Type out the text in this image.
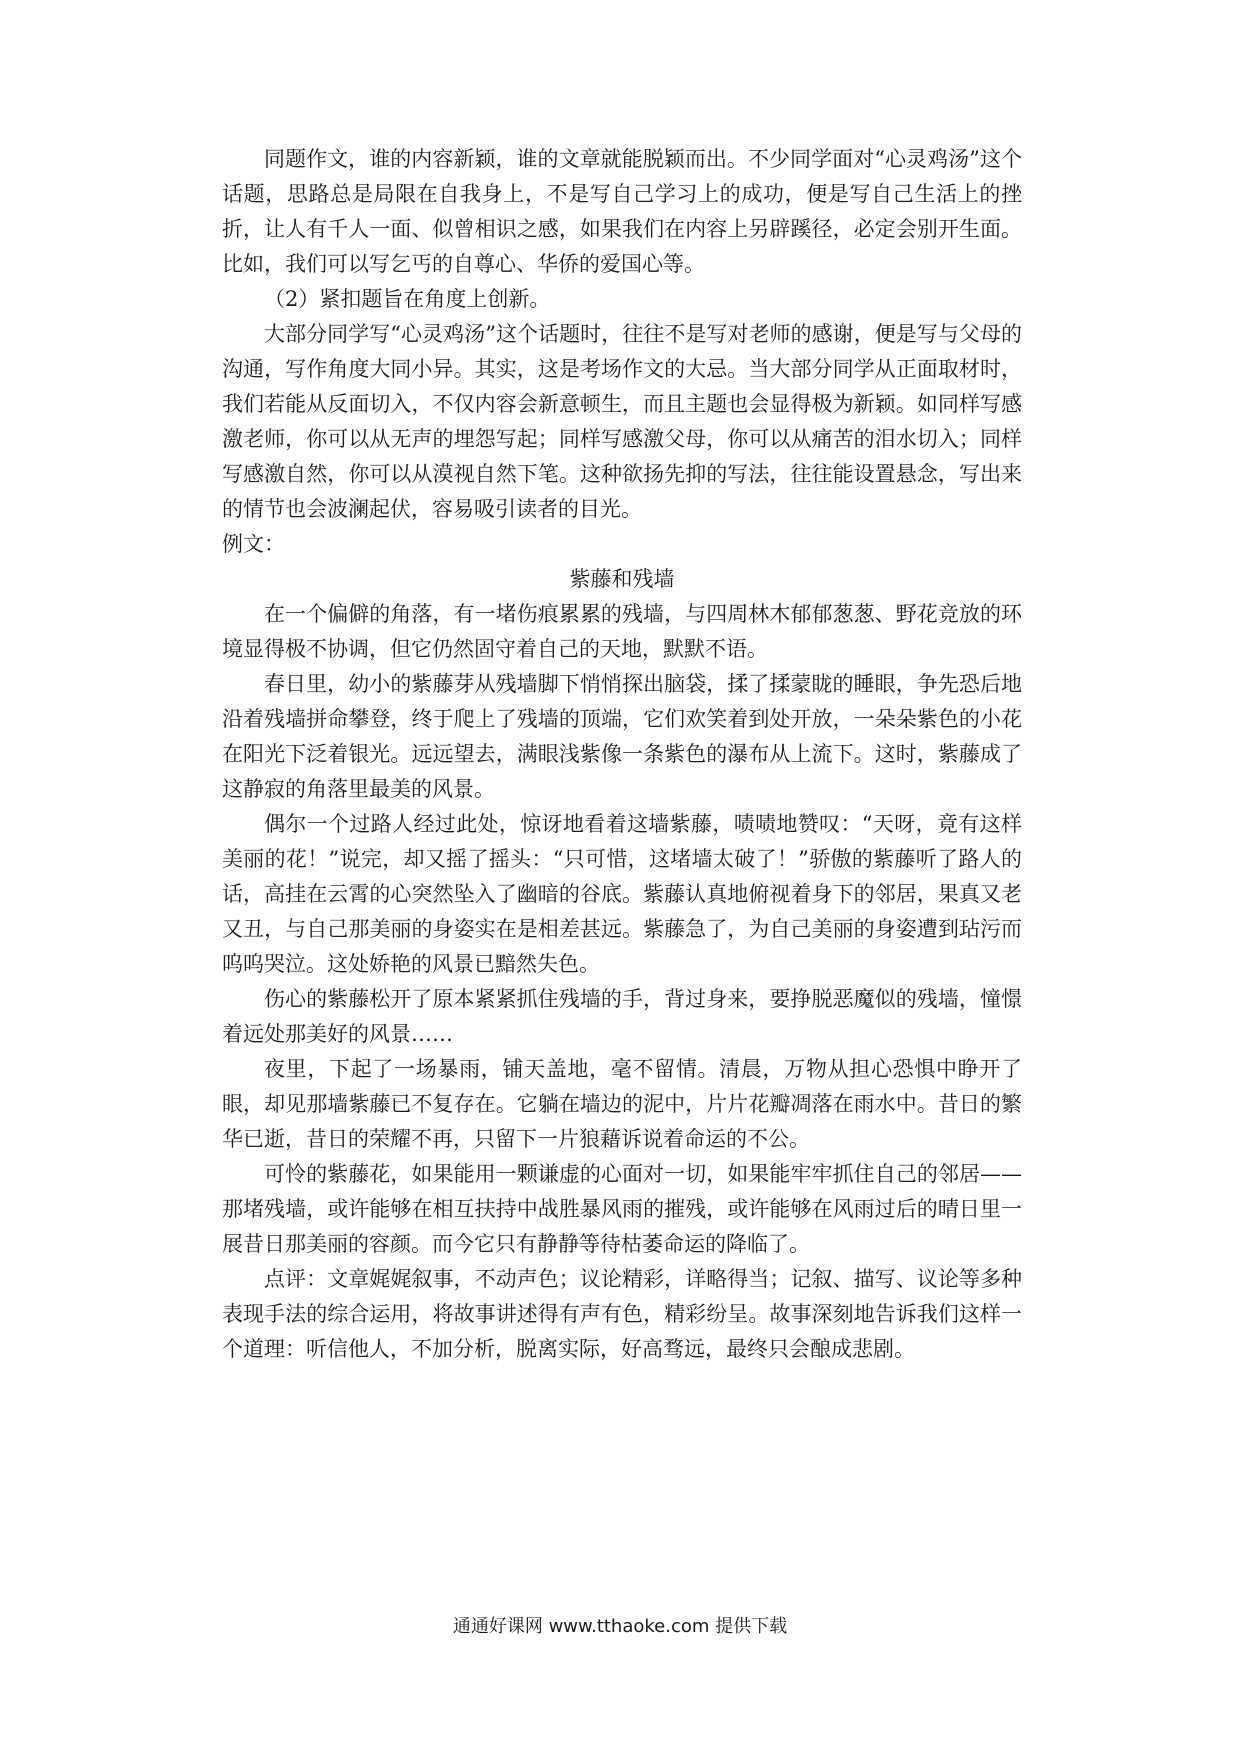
同题作文，谁的内容新颖，谁的文章就能脱颖而出。不少同学面对“心灵鸡汤”这个话题，思路总是局限在自我身上，不是写自己学习上的成功，便是写自己生活上的挫折，让人有千人一面、似曾相识之感，如果我们在内容上另辟蹊径，必定会别开生面。比如，我们可以写乞丐的自尊心、华侨的爱国心等。

（2）紧扣题旨在角度上创新。

大部分同学写“心灵鸡汤”这个话题时，往往不是写对老师的感谢，便是写与父母的沟通，写作角度大同小异。其实，这是考场作文的大忌。当大部分同学从正面取材时，我们若能从反面切入，不仅内容会新意顿生，而且主题也会显得极为新颖。如同样写感激老师，你可以从无声的埋怨写起；同样写感激父母，你可以从痛苦的泪水切入；同样写感激自然，你可以从漠视自然下笔。这种欲扬先抑的写法，往往能设置悬念，写出来的情节也会波澜起伏，容易吸引读者的目光。

例文：

紫藤和残墙

在一个偏僻的角落，有一堵伤痕累累的残墙，与四周林木郁郁葱葱、野花竞放的环境显得极不协调，但它仍然固守着自己的天地，默默不语。

春日里，幼小的紫藤芽从残墙脚下悄悄探出脑袋，揉了揉蒙眬的睡眼，争先恐后地沿着残墙拼命攀登，终于爬上了残墙的顶端，它们欢笑着到处开放，一朵朵紫色的小花在阳光下泛着银光。远远望去，满眼浅紫像一条紫色的瀑布从上流下。这时，紫藤成了这静寂的角落里最美的风景。

偶尔一个过路人经过此处，惊讶地看着这墙紫藤，啧啧地赞叹：“天呀，竟有这样美丽的花！”说完，却又摇了摇头：“只可惜，这堵墙太破了！”骄傲的紫藤听了路人的话，高挂在云霄的心突然坠入了幽暗的谷底。紫藤认真地俯视着身下的邻居，果真又老又丑，与自己那美丽的身姿实在是相差甚远。紫藤急了，为自己美丽的身姿遭到玷污而呜呜哭泣。这处娇艳的风景已黯然失色。

伤心的紫藤松开了原本紧紧抓住残墙的手，背过身来，要挣脱恶魔似的残墙，憧憬着远处那美好的风景……

夜里，下起了一场暴雨，铺天盖地，毫不留情。清晨，万物从担心恐惧中睁开了眼，却见那墙紫藤已不复存在。它躺在墙边的泥中，片片花瓣凋落在雨水中。昔日的繁华已逝，昔日的荣耀不再，只留下一片狼藉诉说着命运的不公。

可怜的紫藤花，如果能用一颗谦虚的心面对一切，如果能牢牢抓住自己的邻居——那堵残墙，或许能够在相互扶持中战胜暴风雨的摧残，或许能够在风雨过后的晴日里一展昔日那美丽的容颜。而今它只有静静等待枯萎命运的降临了。

点评：文章娓娓叙事，不动声色；议论精彩，详略得当；记叙、描写、议论等多种表现手法的综合运用，将故事讲述得有声有色，精彩纷呈。故事深刻地告诉我们这样一个道理：听信他人，不加分析，脱离实际，好高骛远，最终只会酿成悲剧。

通通好课网 www.tthaoke.com 提供下载
